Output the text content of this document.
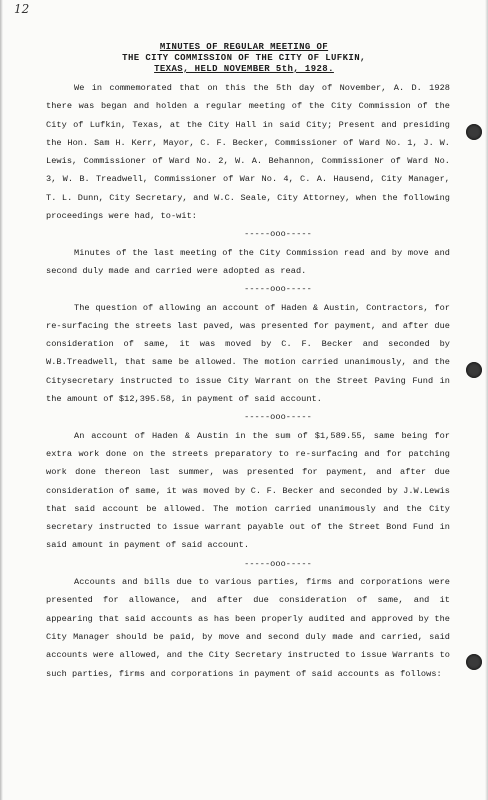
12
MINUTES OF REGULAR MEETING OF
THE CITY COMMISSION OF THE CITY OF LUFKIN,
TEXAS, HELD NOVEMBER 5th, 1928.

We in commemorated that on this the 5th day of November, A. D. 1928 there was began and holden a regular meeting of the City Commission of the City of Lufkin, Texas, at the City Hall in said City; Present and presiding the Hon. Sam H. Kerr, Mayor, C. F. Becker, Commissioner of Ward No. 1, J. W. Lewis, Commissioner of Ward No. 2, W. A. Behannon, Commissioner of Ward No. 3, W. B. Treadwell, Commissioner of War No. 4, C. A. Hausend, City Manager, T. L. Dunn, City Secretary, and W.C. Seale, City Attorney, when the following proceedings were had, to-wit:

-----ooo-----

Minutes of the last meeting of the City Commission read and by move and second duly made and carried were adopted as read.

-----ooo-----

The question of allowing an account of Haden & Austin, Contractors, for re-surfacing the streets last paved, was presented for payment, and after due consideration of same, it was moved by C. F. Becker and seconded by W.B.Treadwell, that same be allowed. The motion carried unanimously, and the Citysecretary instructed to issue City Warrant on the Street Paving Fund in the amount of $12,395.58, in payment of said account.

-----ooo-----

An account of Haden & Austin in the sum of $1,589.55, same being for extra work done on the streets preparatory to re-surfacing and for patching work done thereon last summer, was presented for payment, and after due consideration of same, it was moved by C. F. Becker and seconded by J.W.Lewis that said account be allowed. The motion carried unanimously and the City secretary instructed to issue warrant payable out of the Street Bond Fund in said amount in payment of said account.

-----ooo-----

Accounts and bills due to various parties, firms and corporations were presented for allowance, and after due consideration of same, and it appearing that said accounts as has been properly audited and approved by the City Manager should be paid, by move and second duly made and carried, said accounts were allowed, and the City Secretary instructed to issue Warrants to such parties, firms and corporations in payment of said accounts as follows:
